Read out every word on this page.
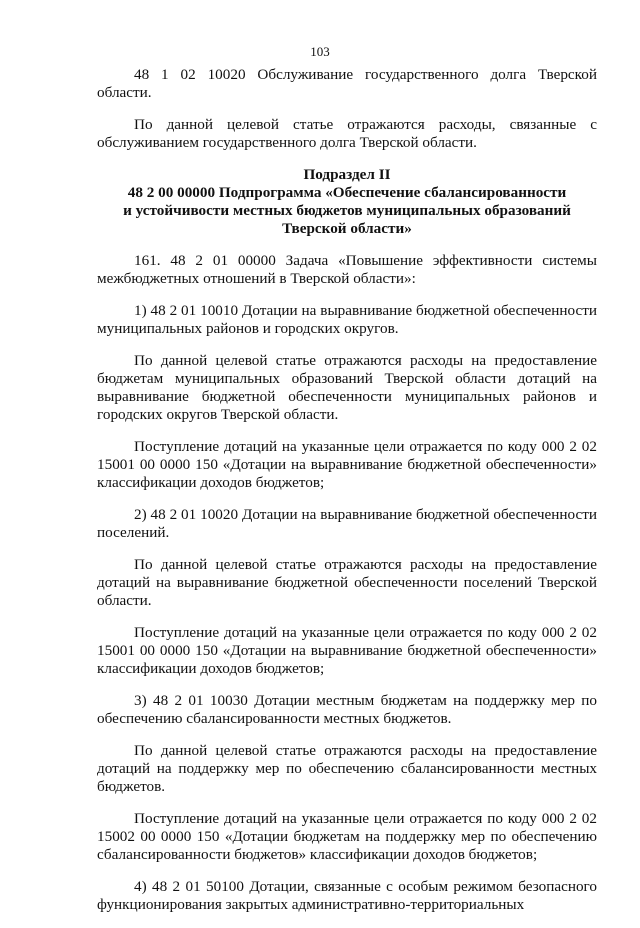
103

48 1 02 10020 Обслуживание государственного долга Тверской области.

По данной целевой статье отражаются расходы, связанные с обслуживанием государственного долга Тверской области.

Подраздел II
48 2 00 00000 Подпрограмма «Обеспечение сбалансированности
и устойчивости местных бюджетов муниципальных образований
Тверской области»

161. 48 2 01 00000 Задача «Повышение эффективности системы межбюджетных отношений в Тверской области»:

1) 48 2 01 10010 Дотации на выравнивание бюджетной обеспеченности муниципальных районов и городских округов.

По данной целевой статье отражаются расходы на предоставление бюджетам муниципальных образований Тверской области дотаций на выравнивание бюджетной обеспеченности муниципальных районов и городских округов Тверской области.

Поступление дотаций на указанные цели отражается по коду 000 2 02 15001 00 0000 150 «Дотации на выравнивание бюджетной обеспеченности» классификации доходов бюджетов;

2) 48 2 01 10020 Дотации на выравнивание бюджетной обеспеченности поселений.

По данной целевой статье отражаются расходы на предоставление дотаций на выравнивание бюджетной обеспеченности поселений Тверской области.

Поступление дотаций на указанные цели отражается по коду 000 2 02 15001 00 0000 150 «Дотации на выравнивание бюджетной обеспеченности» классификации доходов бюджетов;

3) 48 2 01 10030 Дотации местным бюджетам на поддержку мер по обеспечению сбалансированности местных бюджетов.

По данной целевой статье отражаются расходы на предоставление дотаций на поддержку мер по обеспечению сбалансированности местных бюджетов.

Поступление дотаций на указанные цели отражается по коду 000 2 02 15002 00 0000 150 «Дотации бюджетам на поддержку мер по обеспечению сбалансированности бюджетов» классификации доходов бюджетов;

4) 48 2 01 50100 Дотации, связанные с особым режимом безопасного функционирования закрытых административно-территориальных
